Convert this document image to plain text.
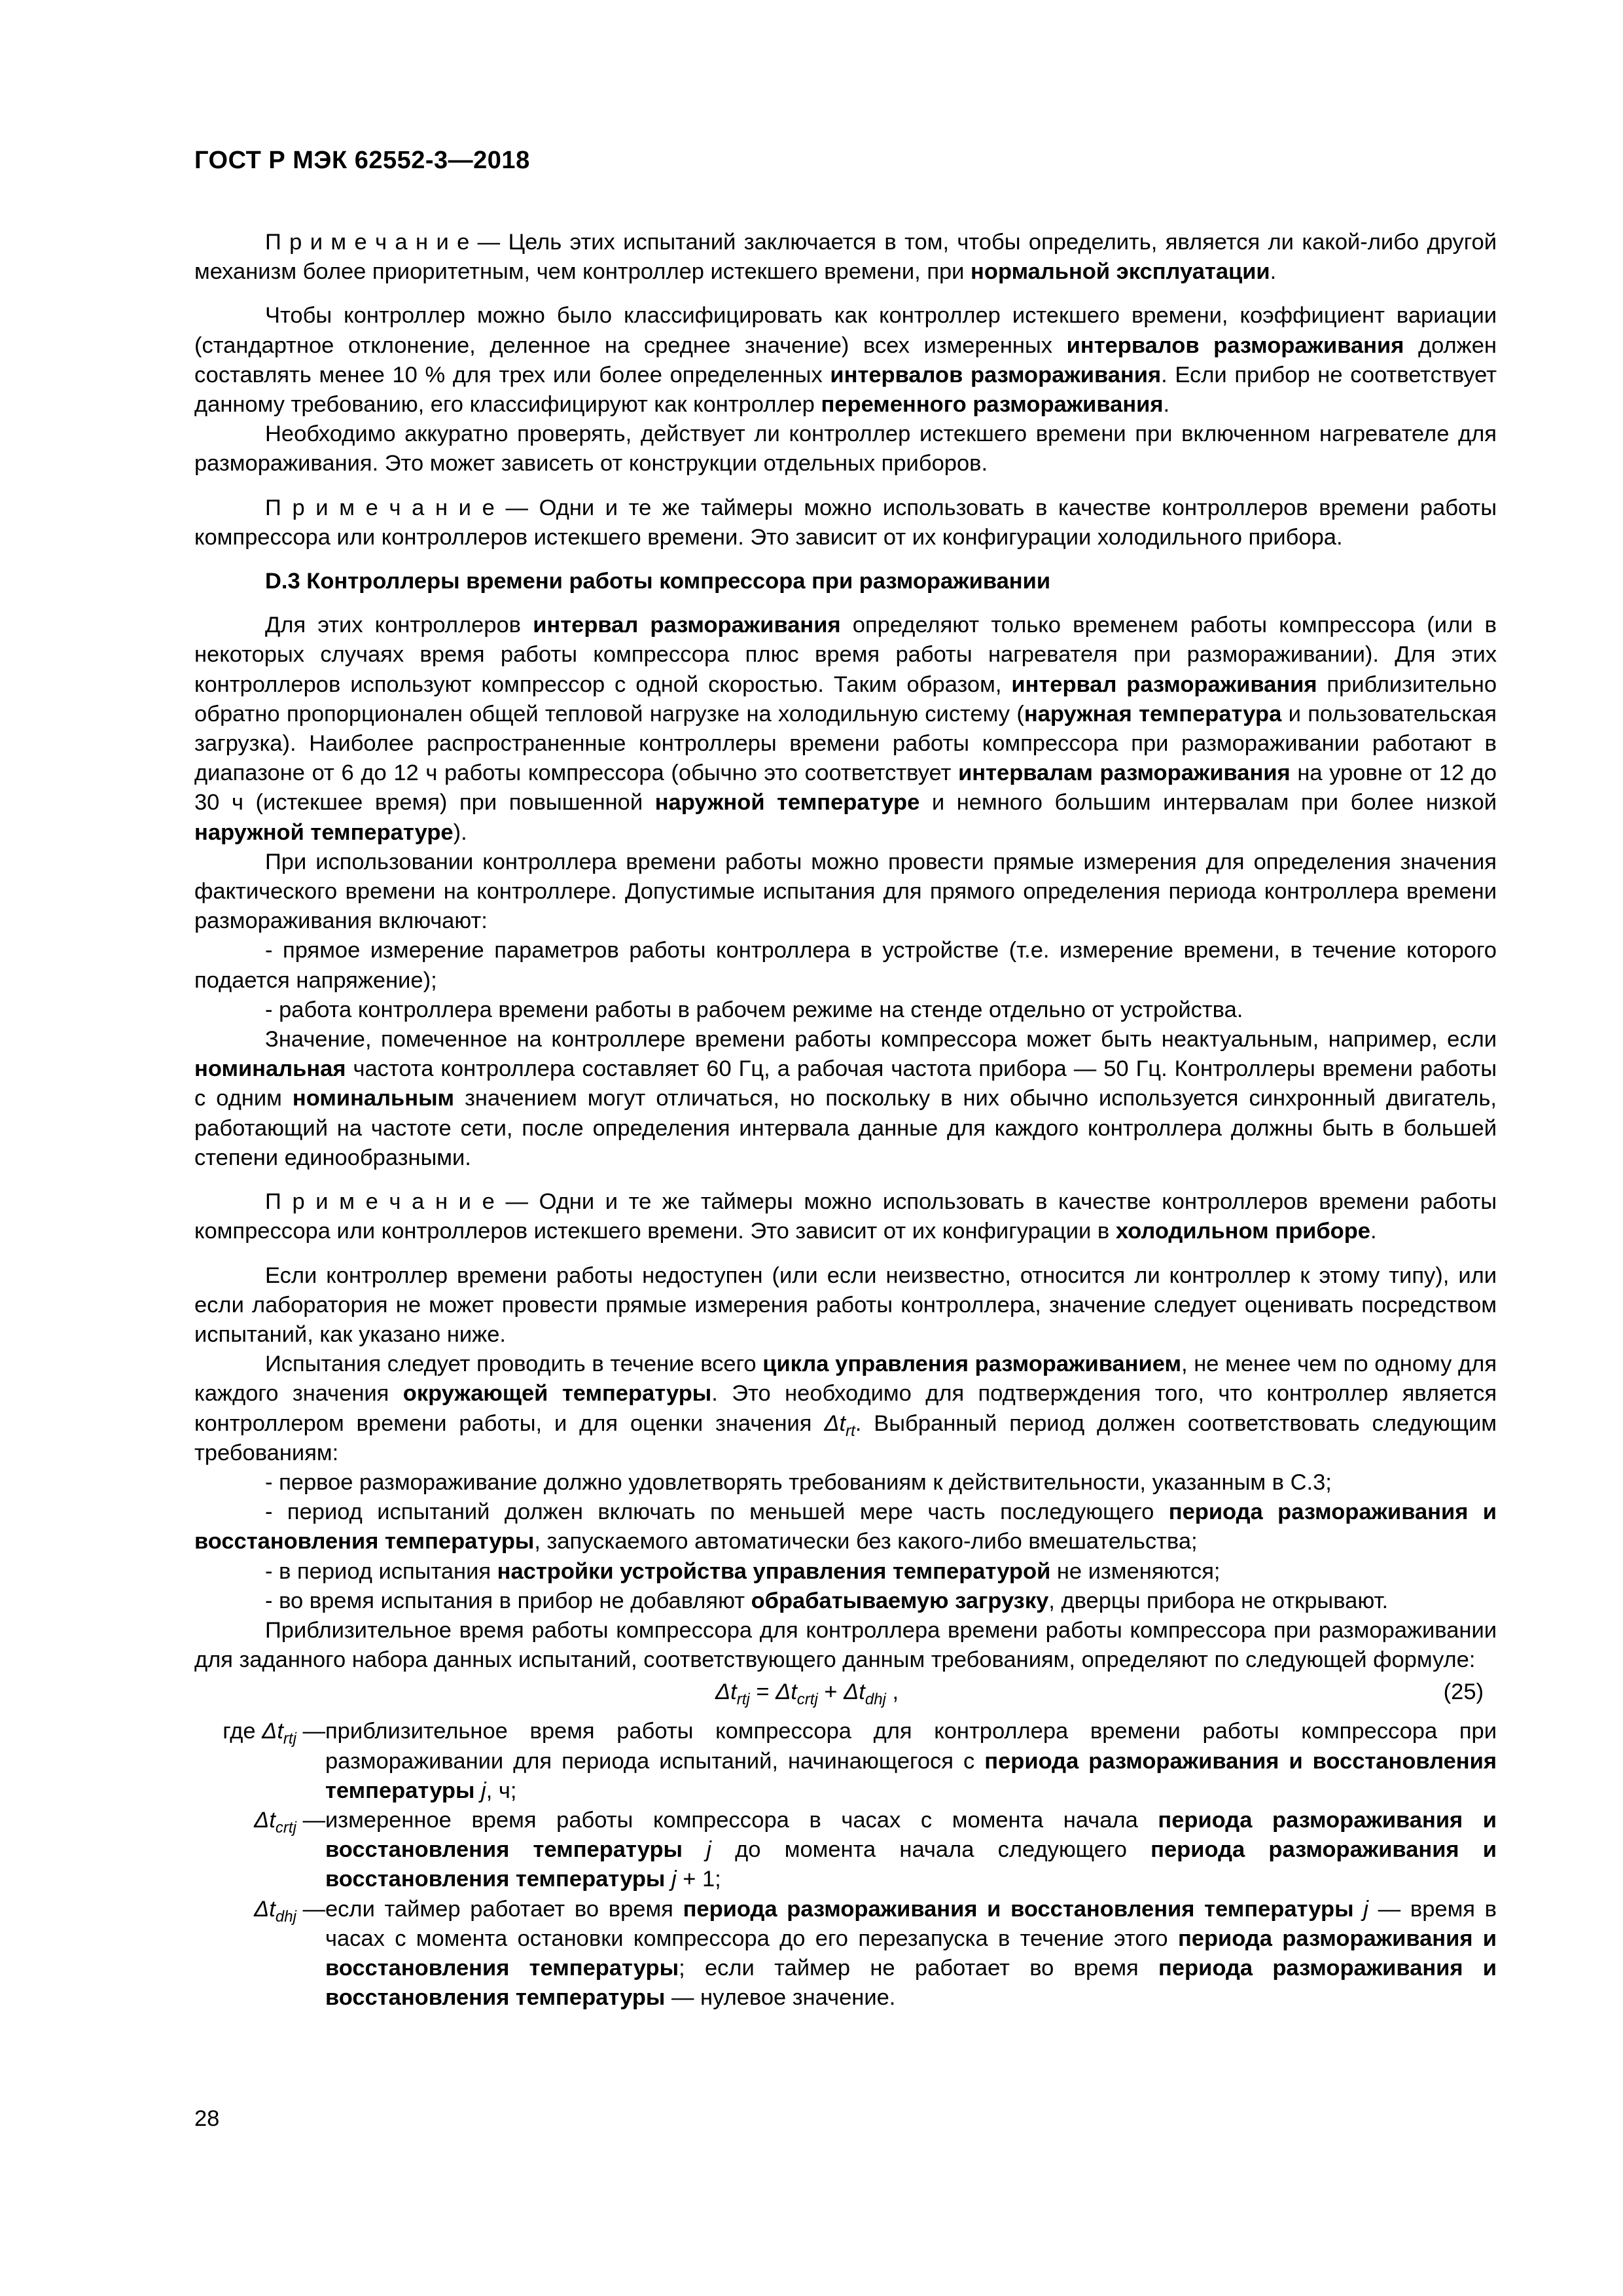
ГОСТ Р МЭК 62552-3—2018

П р и м е ч а н и е — Цель этих испытаний заключается в том, чтобы определить, является ли какой-либо другой механизм более приоритетным, чем контроллер истекшего времени, при нормальной эксплуатации.

Чтобы контроллер можно было классифицировать как контроллер истекшего времени, коэффициент вариации (стандартное отклонение, деленное на среднее значение) всех измеренных интервалов размораживания должен составлять менее 10 % для трех или более определенных интервалов размораживания. Если прибор не соответствует данному требованию, его классифицируют как контроллер переменного размораживания.

Необходимо аккуратно проверять, действует ли контроллер истекшего времени при включенном нагревателе для размораживания. Это может зависеть от конструкции отдельных приборов.

П р и м е ч а н и е — Одни и те же таймеры можно использовать в качестве контроллеров времени работы компрессора или контроллеров истекшего времени. Это зависит от их конфигурации холодильного прибора.

D.3 Контроллеры времени работы компрессора при размораживании

Для этих контроллеров интервал размораживания определяют только временем работы компрессора (или в некоторых случаях время работы компрессора плюс время работы нагревателя при размораживании). Для этих контроллеров используют компрессор с одной скоростью. Таким образом, интервал размораживания приблизительно обратно пропорционален общей тепловой нагрузке на холодильную систему (наружная температура и пользовательская загрузка). Наиболее распространенные контроллеры времени работы компрессора при размораживании работают в диапазоне от 6 до 12 ч работы компрессора (обычно это соответствует интервалам размораживания на уровне от 12 до 30 ч (истекшее время) при повышенной наружной температуре и немного большим интервалам при более низкой наружной температуре).

При использовании контроллера времени работы можно провести прямые измерения для определения значения фактического времени на контроллере. Допустимые испытания для прямого определения периода контроллера времени размораживания включают:

- прямое измерение параметров работы контроллера в устройстве (т.е. измерение времени, в течение которого подается напряжение);

- работа контроллера времени работы в рабочем режиме на стенде отдельно от устройства.

Значение, помеченное на контроллере времени работы компрессора может быть неактуальным, например, если номинальная частота контроллера составляет 60 Гц, а рабочая частота прибора — 50 Гц. Контроллеры времени работы с одним номинальным значением могут отличаться, но поскольку в них обычно используется синхронный двигатель, работающий на частоте сети, после определения интервала данные для каждого контроллера должны быть в большей степени единообразными.

П р и м е ч а н и е — Одни и те же таймеры можно использовать в качестве контроллеров времени работы компрессора или контроллеров истекшего времени. Это зависит от их конфигурации в холодильном приборе.

Если контроллер времени работы недоступен (или если неизвестно, относится ли контроллер к этому типу), или если лаборатория не может провести прямые измерения работы контроллера, значение следует оценивать посредством испытаний, как указано ниже.

Испытания следует проводить в течение всего цикла управления размораживанием, не менее чем по одному для каждого значения окружающей температуры. Это необходимо для подтверждения того, что контроллер является контроллером времени работы, и для оценки значения $\Delta t_{rt}$. Выбранный период должен соответствовать следующим требованиям:

- первое размораживание должно удовлетворять требованиям к действительности, указанным в С.3;

- период испытаний должен включать по меньшей мере часть последующего периода размораживания и восстановления температуры, запускаемого автоматически без какого-либо вмешательства;

- в период испытания настройки устройства управления температурой не изменяются;

- во время испытания в прибор не добавляют обрабатываемую загрузку, дверцы прибора не открывают.

Приблизительное время работы компрессора для контроллера времени работы компрессора при размораживании для заданного набора данных испытаний, соответствующего данным требованиям, определяют по следующей формуле:

$\Delta t_{rtj} = \Delta t_{crtj} + \Delta t_{dhj}$ ,	(25)
где $\Delta t_{rtj}$ — приблизительное время работы компрессора для контроллера времени работы компрессора при размораживании для периода испытаний, начинающегося с периода размораживания и восстановления температуры j, ч;
$\Delta t_{crtj}$ — измеренное время работы компрессора в часах с момента начала периода размораживания и восстановления температуры j до момента начала следующего периода размораживания и восстановления температуры j + 1;
$\Delta t_{dhj}$ — если таймер работает во время периода размораживания и восстановления температуры j — время в часах с момента остановки компрессора до его перезапуска в течение этого периода размораживания и восстановления температуры; если таймер не работает во время периода размораживания и восстановления температуры — нулевое значение.
28
